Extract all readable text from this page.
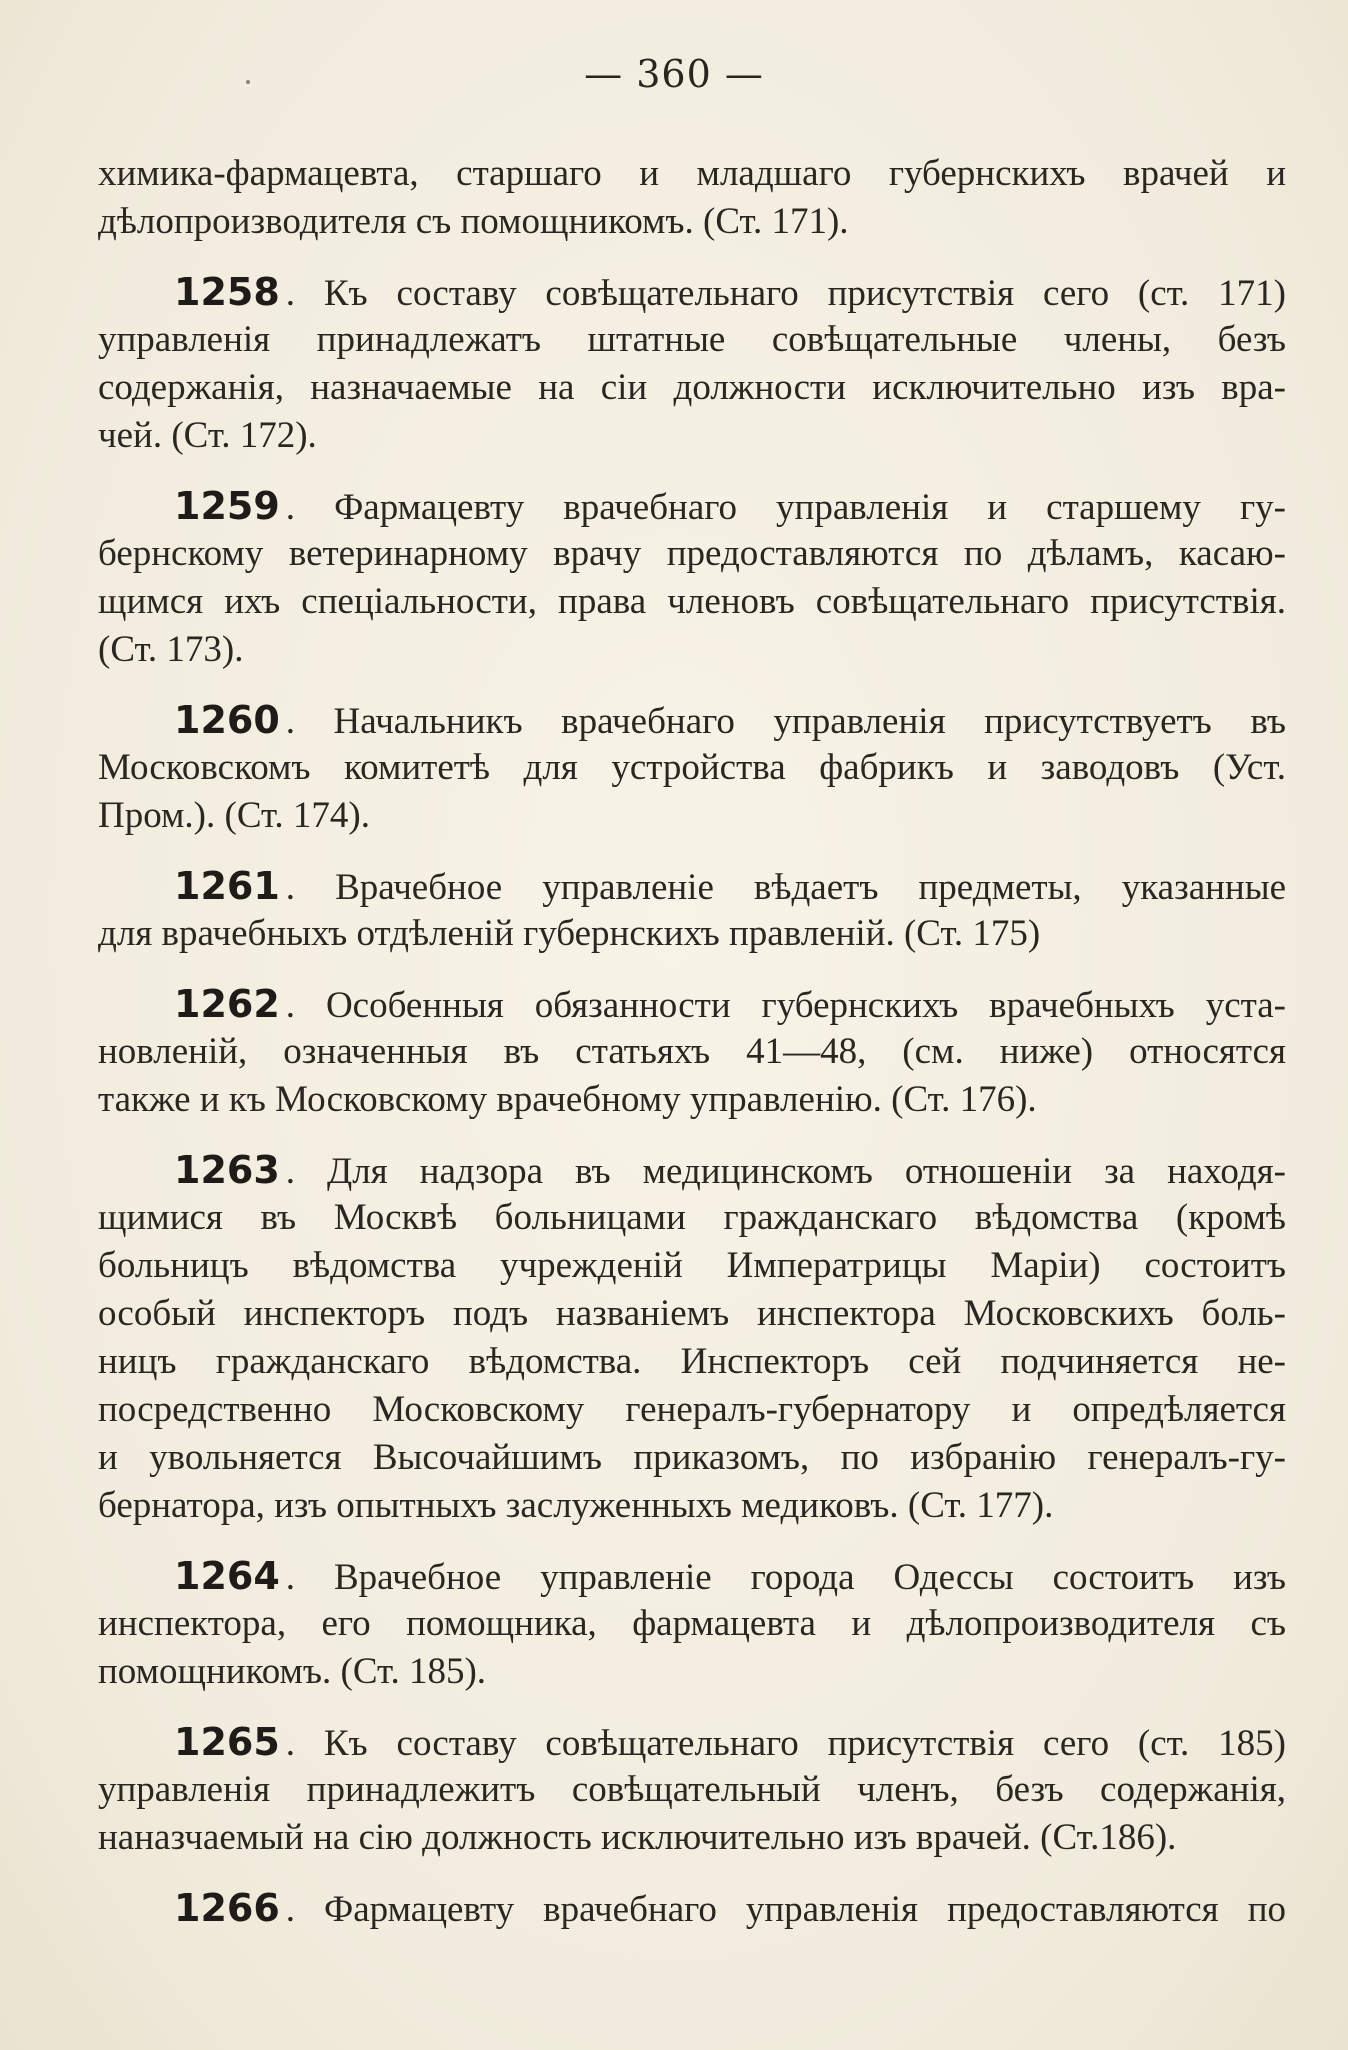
— 360 —
химика-фармацевта, старшаго и младшаго губернскихъ врачей и
дѣлопроизводителя съ помощникомъ. (Ст. 171).
1258 . Къ составу совѣщательнаго присутствія сего (ст. 171)
управленія принадлежатъ штатные совѣщательные члены, безъ
содержанія, назначаемые на сіи должности исключительно изъ вра-
чей. (Ст. 172).
1259 . Фармацевту врачебнаго управленія и старшему гу-
бернскому ветеринарному врачу предоставляются по дѣламъ, касаю-
щимся ихъ спеціальности, права членовъ совѣщательнаго присутствія.
(Ст. 173).
1260 . Начальникъ врачебнаго управленія присутствуетъ въ
Московскомъ комитетѣ для устройства фабрикъ и заводовъ (Уст.
Пром.). (Ст. 174).
1261 . Врачебное управленіе вѣдаетъ предметы, указанные
для врачебныхъ отдѣленій губернскихъ правленій. (Ст. 175)
1262 . Особенныя обязанности губернскихъ врачебныхъ уста-
новленій, означенныя въ статьяхъ 41—48, (см. ниже) относятся
также и къ Московскому врачебному управленію. (Ст. 176).
1263 . Для надзора въ медицинскомъ отношеніи за находя-
щимися въ Москвѣ больницами гражданскаго вѣдомства (кромѣ
больницъ вѣдомства учрежденій Императрицы Маріи) состоитъ
особый инспекторъ подъ названіемъ инспектора Московскихъ боль-
ницъ гражданскаго вѣдомства. Инспекторъ сей подчиняется не-
посредственно Московскому генералъ-губернатору и опредѣляется
и увольняется Высочайшимъ приказомъ, по избранію генералъ-гу-
бернатора, изъ опытныхъ заслуженныхъ медиковъ. (Ст. 177).
1264 . Врачебное управленіе города Одессы состоитъ изъ
инспектора, его помощника, фармацевта и дѣлопроизводителя съ
помощникомъ. (Ст. 185).
1265 . Къ составу совѣщательнаго присутствія сего (ст. 185)
управленія принадлежитъ совѣщательный членъ, безъ содержанія,
наназчаемый на сію должность исключительно изъ врачей. (Ст.186).
1266 . Фармацевту врачебнаго управленія предоставляются по
